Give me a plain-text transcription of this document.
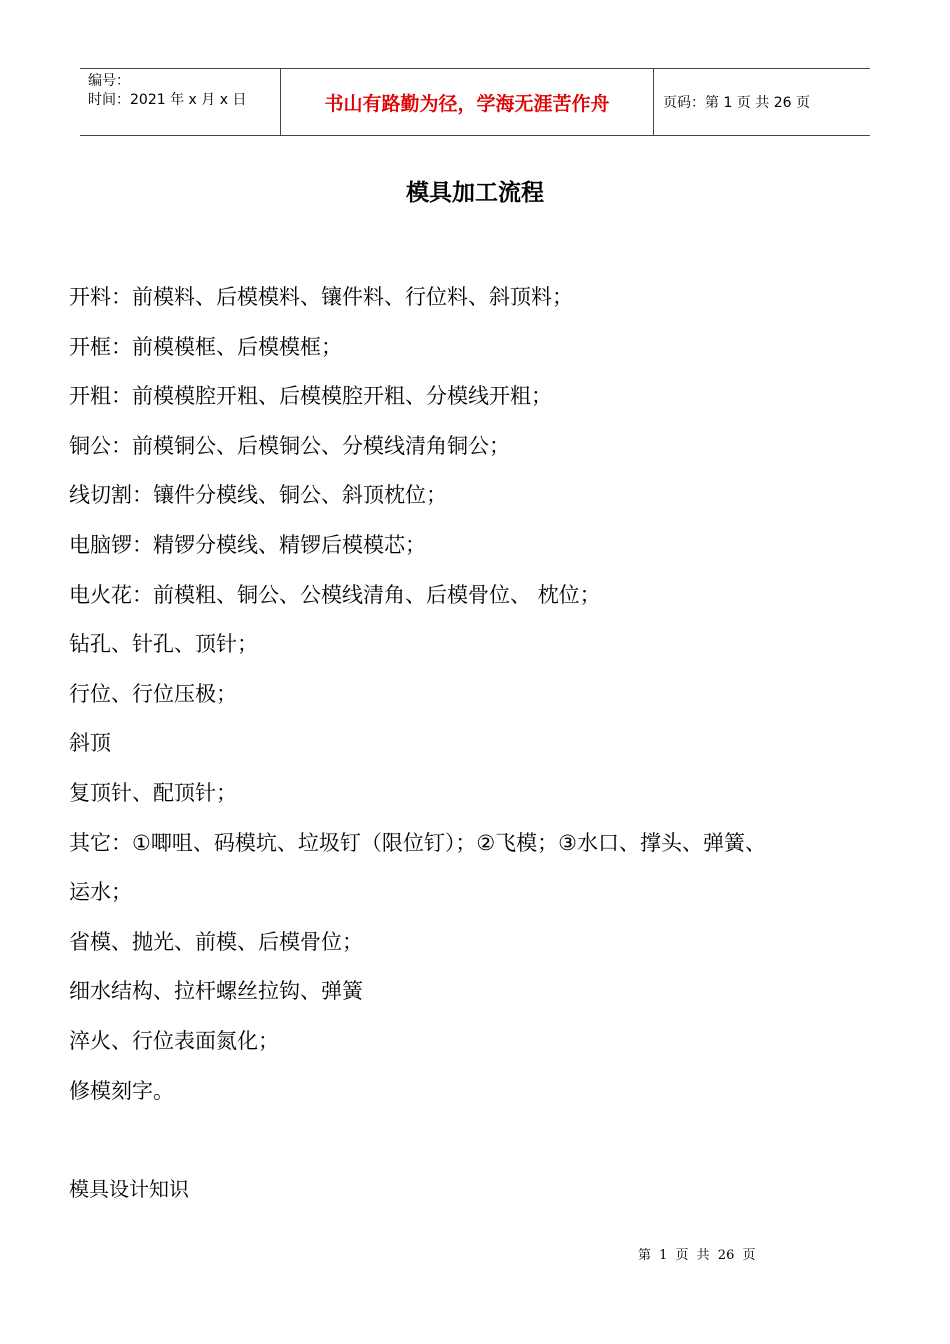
编号：
时间：2021 年 x 月 x 日	书山有路勤为径，学海无涯苦作舟	页码：第 1 页 共 26 页
模具加工流程

开料：前模料、后模模料、镶件料、行位料、斜顶料；

开框：前模模框、后模模框；

开粗：前模模腔开粗、后模模腔开粗、分模线开粗；

铜公：前模铜公、后模铜公、分模线清角铜公；

线切割：镶件分模线、铜公、斜顶枕位；

电脑锣：精锣分模线、精锣后模模芯；

电火花：前模粗、铜公、公模线清角、后模骨位、 枕位；

钻孔、针孔、顶针；

行位、行位压极；

斜顶

复顶针、配顶针；

其它：①唧咀、码模坑、垃圾钉（限位钉）；②飞模；③水口、撑头、弹簧、

运水；

省模、抛光、前模、后模骨位；

细水结构、拉杆螺丝拉钩、弹簧

淬火、行位表面氮化；

修模刻字。

模具设计知识
第 1 页 共 26 页
